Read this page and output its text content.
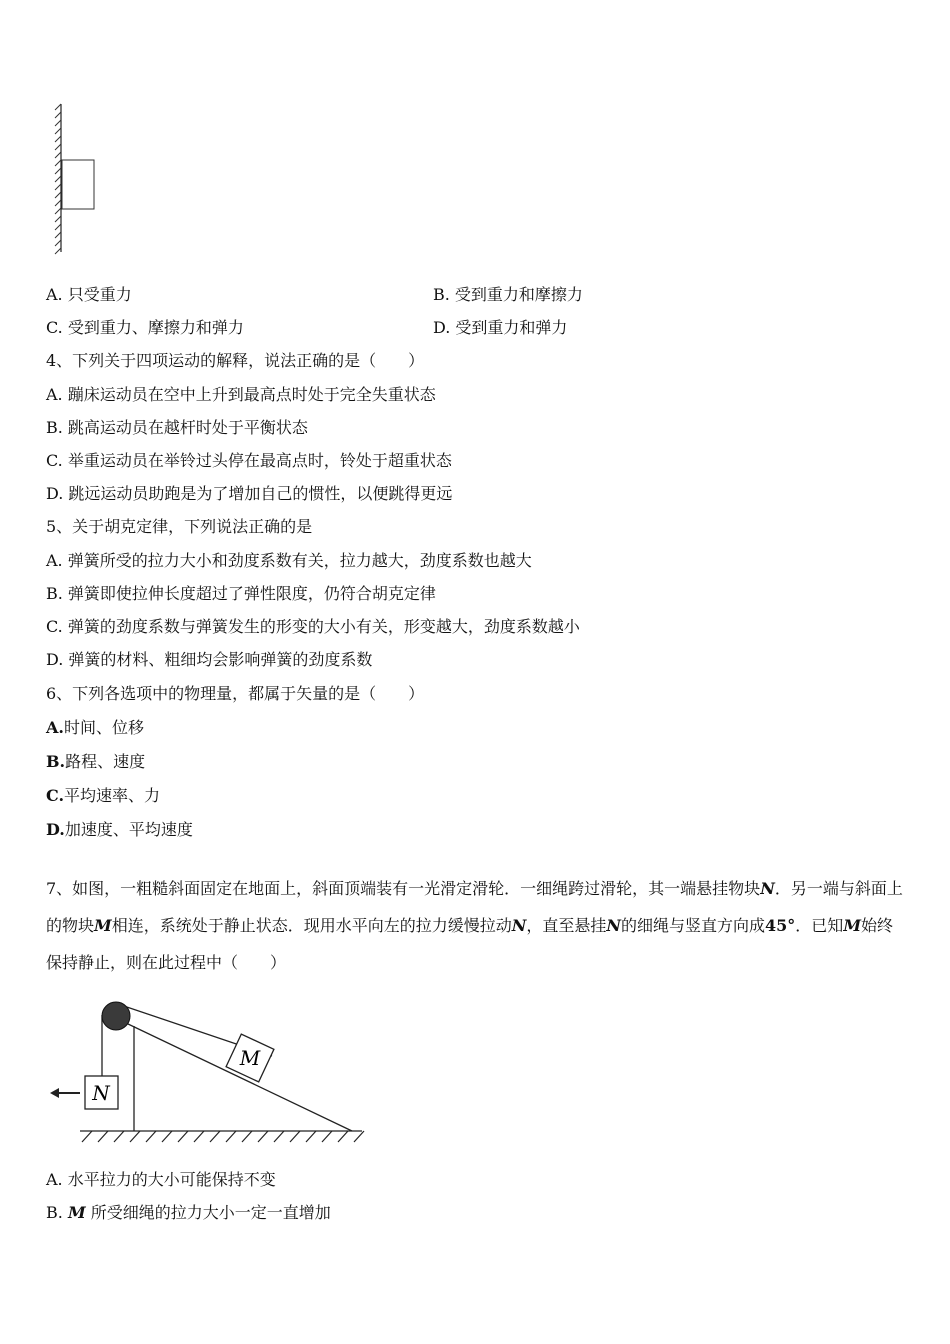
A. 只受重力	B. 受到重力和摩擦力
C. 受到重力、摩擦力和弹力	D. 受到重力和弹力
4、下列关于四项运动的解释，说法正确的是（　　）
A. 蹦床运动员在空中上升到最高点时处于完全失重状态
B. 跳高运动员在越杆时处于平衡状态
C. 举重运动员在举铃过头停在最高点时，铃处于超重状态
D. 跳远运动员助跑是为了增加自己的惯性，以便跳得更远
5、关于胡克定律，下列说法正确的是
A. 弹簧所受的拉力大小和劲度系数有关，拉力越大，劲度系数也越大
B. 弹簧即使拉伸长度超过了弹性限度，仍符合胡克定律
C. 弹簧的劲度系数与弹簧发生的形变的大小有关，形变越大，劲度系数越小
D. 弹簧的材料、粗细均会影响弹簧的劲度系数
6、下列各选项中的物理量，都属于矢量的是（　　）
A.时间、位移
B.路程、速度
C.平均速率、力
D.加速度、平均速度
7、如图，一粗糙斜面固定在地面上，斜面顶端装有一光滑定滑轮．一细绳跨过滑轮，其一端悬挂物块N．另一端与斜面上的物块M相连，系统处于静止状态．现用水平向左的拉力缓慢拉动N，直至悬挂N的细绳与竖直方向成45°．已知M始终保持静止，则在此过程中（　　）
M
N
A. 水平拉力的大小可能保持不变
B. M 所受细绳的拉力大小一定一直增加
